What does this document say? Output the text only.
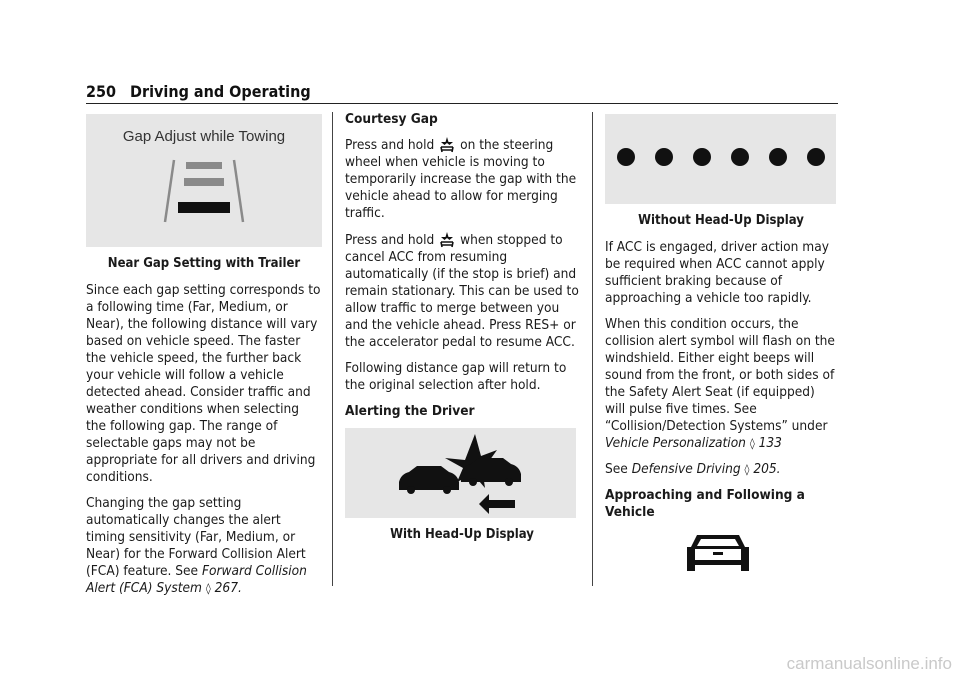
250 Driving and Operating
Gap Adjust while Towing
Near Gap Setting with Trailer

Since each gap setting corresponds to a following time (Far, Medium, or Near), the following distance will vary based on vehicle speed. The faster the vehicle speed, the further back your vehicle will follow a vehicle detected ahead. Consider traffic and weather conditions when selecting the following gap. The range of selectable gaps may not be appropriate for all drivers and driving conditions.

Changing the gap setting automatically changes the alert timing sensitivity (Far, Medium, or Near) for the Forward Collision Alert (FCA) feature. See Forward Collision Alert (FCA) System ◊ 267.

Courtesy Gap

Press and hold  on the steering wheel when vehicle is moving to temporarily increase the gap with the vehicle ahead to allow for merging traffic.

Press and hold  when stopped to cancel ACC from resuming automatically (if the stop is brief) and remain stationary. This can be used to allow traffic to merge between you and the vehicle ahead. Press RES+ or the accelerator pedal to resume ACC.

Following distance gap will return to the original selection after hold.

Alerting the Driver

With Head-Up Display
Without Head-Up Display

If ACC is engaged, driver action may be required when ACC cannot apply sufficient braking because of approaching a vehicle too rapidly.

When this condition occurs, the collision alert symbol will flash on the windshield. Either eight beeps will sound from the front, or both sides of the Safety Alert Seat (if equipped) will pulse five times. See “Collision/Detection Systems” under Vehicle Personalization ◊ 133

See Defensive Driving ◊ 205.

Approaching and Following a Vehicle

carmanualsonline.info
